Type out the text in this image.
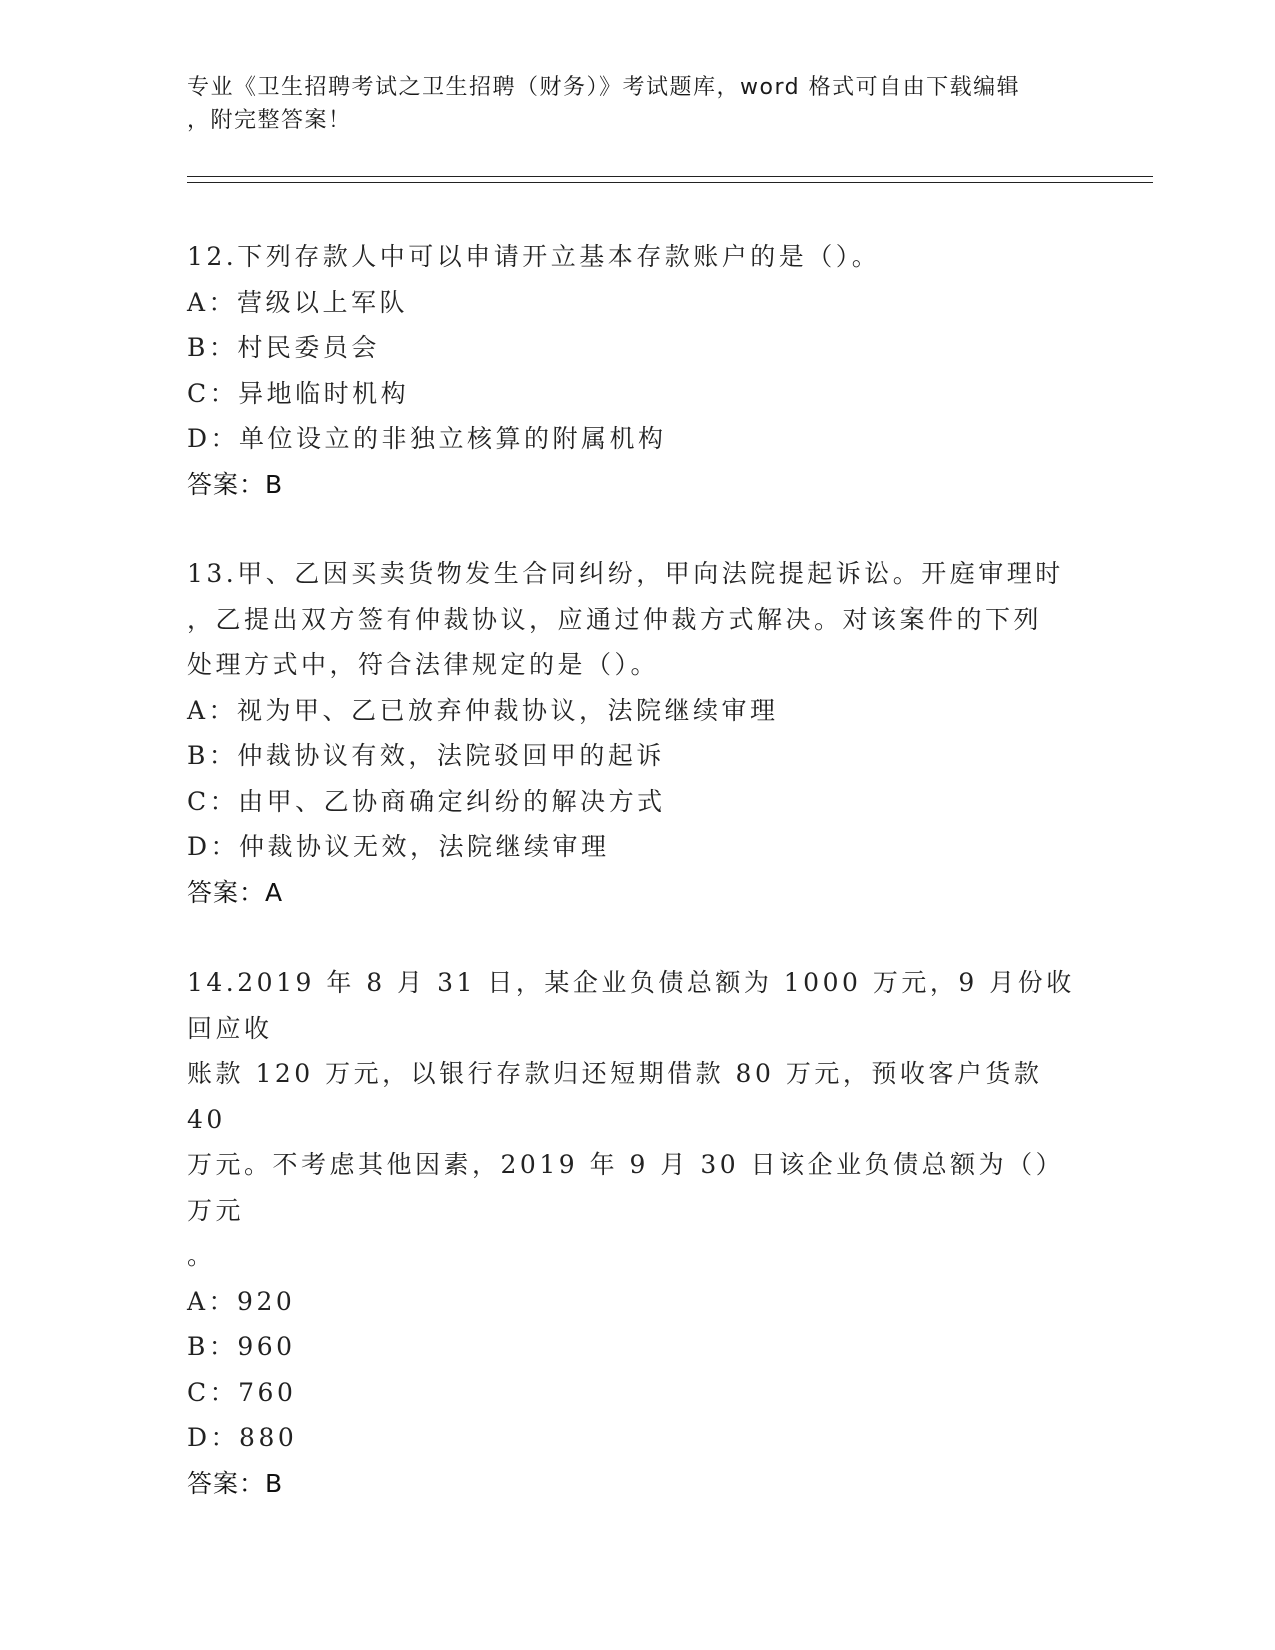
专业《卫生招聘考试之卫生招聘（财务）》考试题库，word 格式可自由下载编辑

，附完整答案！

12.下列存款人中可以申请开立基本存款账户的是（）。

A：营级以上军队

B：村民委员会

C：异地临时机构

D：单位设立的非独立核算的附属机构

答案：B

13.甲、乙因买卖货物发生合同纠纷，甲向法院提起诉讼。开庭审理时

，乙提出双方签有仲裁协议，应通过仲裁方式解决。对该案件的下列

处理方式中，符合法律规定的是（）。

A：视为甲、乙已放弃仲裁协议，法院继续审理

B：仲裁协议有效，法院驳回甲的起诉

C：由甲、乙协商确定纠纷的解决方式

D：仲裁协议无效，法院继续审理

答案：A

14.2019 年 8 月 31 日，某企业负债总额为 1000 万元，9 月份收回应收

账款 120 万元，以银行存款归还短期借款 80 万元，预收客户货款 40

万元。不考虑其他因素，2019 年 9 月 30 日该企业负债总额为（）万元

。

A：920

B：960

C：760

D：880

答案：B
